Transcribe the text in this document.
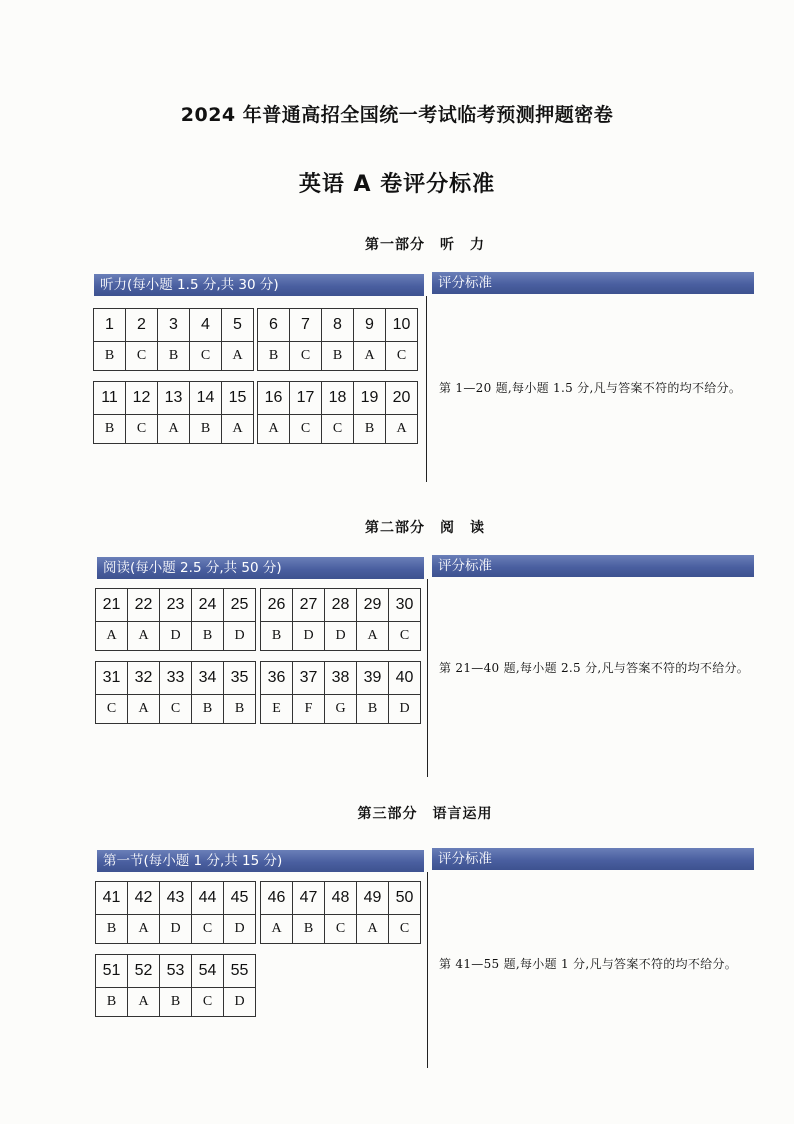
2024 年普通高招全国统一考试临考预测押题密卷
英语 A 卷评分标准
第一部分　听　力
听力(每小题 1.5 分,共 30 分)	评分标准
1	2	3	4	5
B	C	B	C	A
6	7	8	9	10
B	C	B	A	C
11	12	13	14	15
B	C	A	B	A
16	17	18	19	20
A	C	C	B	A
第 1—20 题,每小题 1.5 分,凡与答案不符的均不给分。
第二部分　阅　读
阅读(每小题 2.5 分,共 50 分)	评分标准
21	22	23	24	25
A	A	D	B	D
26	27	28	29	30
B	D	D	A	C
31	32	33	34	35
C	A	C	B	B
36	37	38	39	40
E	F	G	B	D
第 21—40 题,每小题 2.5 分,凡与答案不符的均不给分。
第三部分　语言运用
第一节(每小题 1 分,共 15 分)	评分标准
41	42	43	44	45
B	A	D	C	D
46	47	48	49	50
A	B	C	A	C
51	52	53	54	55
B	A	B	C	D
第 41—55 题,每小题 1 分,凡与答案不符的均不给分。
